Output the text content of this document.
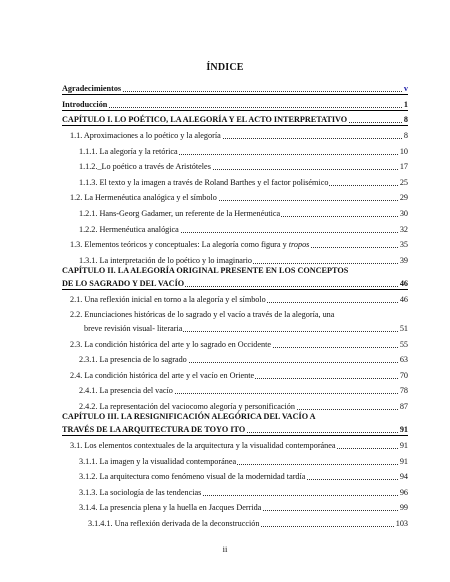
ÍNDICE
Agradecimientos	v
Introducción	1
CAPÍTULO I. LO POÉTICO, LA ALEGORÍA Y EL ACTO INTERPRETATIVO	8
1.1. Aproximaciones a lo poético y la alegoría	8
1.1.1. La alegoría y la retórica	10
1.1.2._Lo poético a través de Aristóteles	17
1.1.3. El texto y la imagen a través de Roland Barthes y el factor polisémico	25
1.2. La Hermenéutica analógica y el símbolo	29
1.2.1. Hans-Georg Gadamer, un referente de la Hermenéutica	30
1.2.2. Hermenéutica analógica	32
1.3. Elementos teóricos y conceptuales: La alegoría como figura y tropos	35
1.3.1. La interpretación de lo poético y lo imaginario	39
CAPÍTULO II. LA ALEGORÍA ORIGINAL PRESENTE EN LOS CONCEPTOS
DE LO SAGRADO Y DEL VACÍO	46
2.1. Una reflexión inicial en torno a la alegoría y el símbolo	46
2.2. Enunciaciones históricas de lo sagrado y el vacío a través de la alegoría, una
breve revisión visual- literaria	51
2.3. La condición histórica del arte y lo sagrado en Occidente	55
2.3.1. La presencia de lo sagrado	63
2.4. La condición histórica del arte y el vacío en Oriente	70
2.4.1. La presencia del vacío	78
2.4.2. La representación del vaciocomo alegoría y personificación	87
CAPÍTULO III. LA RESIGNIFICACIÓN ALEGÓRICA DEL VACÍO A
TRAVÉS DE LA ARQUITECTURA DE TOYO ITO	91
3.1. Los elementos contextuales de la arquitectura y la visualidad contemporánea	91
3.1.1. La imagen y la visualidad contemporánea	91
3.1.2. La arquitectura como fenómeno visual de la modernidad tardía	94
3.1.3. La sociología de las tendencias	96
3.1.4. La presencia plena y la huella en Jacques Derrida	99
3.1.4.1. Una reflexión derivada de la deconstrucción	103
ii
